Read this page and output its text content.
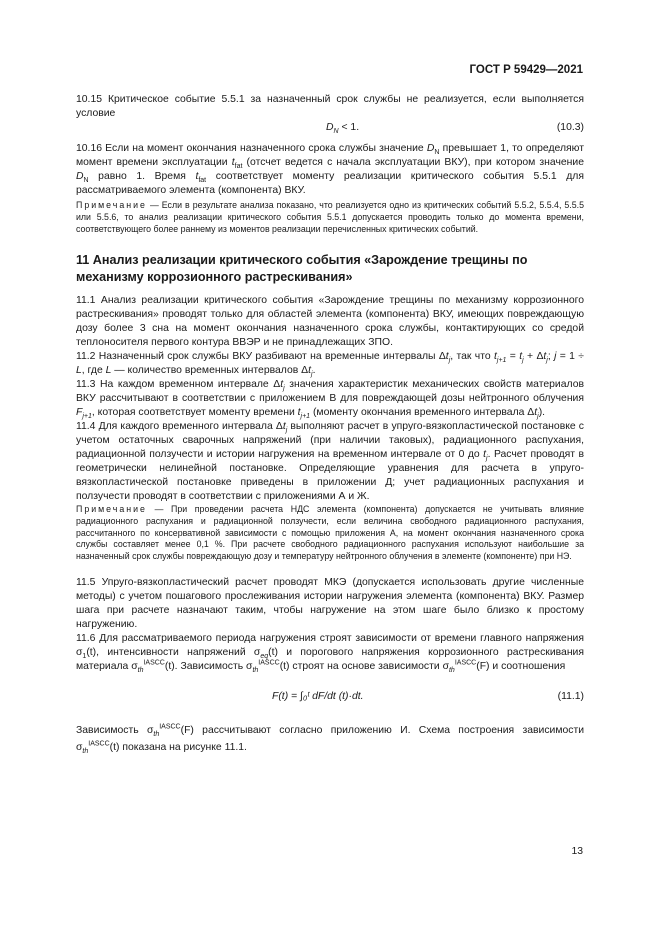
ГОСТ Р 59429—2021

10.15 Критическое событие 5.5.1 за назначенный срок службы не реализуется, если выполняется условие

$D_N < 1$.	(10.3)

10.16 Если на момент окончания назначенного срока службы значение $D_N$ превышает 1, то определяют момент времени эксплуатации $t_{fat}$ (отсчет ведется с начала эксплуатации ВКУ), при котором значение $D_N$ равно 1. Время $t_{fat}$ соответствует моменту реализации критического события 5.5.1 для рассматриваемого элемента (компонента) ВКУ.

Примечание — Если в результате анализа показано, что реализуется одно из критических событий 5.5.2, 5.5.4, 5.5.5 или 5.5.6, то анализ реализации критического события 5.5.1 допускается проводить только до момента времени, соответствующего более раннему из моментов реализации перечисленных критических событий.
11 Анализ реализации критического события «Зарождение трещины по механизму коррозионного растрескивания»
11.1 Анализ реализации критического события «Зарождение трещины по механизму коррозионного растрескивания» проводят только для областей элемента (компонента) ВКУ, имеющих повреждающую дозу более 3 сна на момент окончания назначенного срока службы, контактирующих со средой теплоносителя первого контура ВВЭР и не принадлежащих ЗПО.
11.2 Назначенный срок службы ВКУ разбивают на временные интервалы $\Delta t_j$, так что $t_{j+1} = t_j + \Delta t_j$; j = 1 ÷ L, где L — количество временных интервалов $\Delta t_j$.
11.3 На каждом временном интервале $\Delta t_j$ значения характеристик механических свойств материалов ВКУ рассчитывают в соответствии с приложением В для повреждающей дозы нейтронного облучения $F_{j+1}$, которая соответствует моменту времени $t_{j+1}$ (моменту окончания временного интервала $\Delta t_j$).
11.4 Для каждого временного интервала $\Delta t_j$ выполняют расчет в упруго-вязкопластической постановке с учетом остаточных сварочных напряжений (при наличии таковых), радиационного распухания, радиационной ползучести и истории нагружения на временном интервале от 0 до $t_j$. Расчет проводят в геометрически нелинейной постановке. Определяющие уравнения для расчета в упруго-вязкопластической постановке приведены в приложении Д; учет радиационных распухания и ползучести проводят в соответствии с приложениями А и Ж.
Примечание — При проведении расчета НДС элемента (компонента) допускается не учитывать влияние радиационного распухания и радиационной ползучести, если величина свободного радиационного распухания, рассчитанного по консервативной зависимости с помощью приложения А, на момент окончания назначенного срока службы составляет менее 0,1 %. При расчете свободного радиационного распухания используют наибольшие за назначенный срок службы повреждающую дозу и температуру нейтронного облучения в элементе (компоненте) при НЭ.
11.5 Упруго-вязкопластический расчет проводят МКЭ (допускается использовать другие численные методы) с учетом пошагового прослеживания истории нагружения элемента (компонента) ВКУ. Размер шага при расчете назначают таким, чтобы нагружение на этом шаге было близко к простому нагружению.
11.6 Для рассматриваемого периода нагружения строят зависимости от времени главного напряжения $\sigma_1(t)$, интенсивности напряжений $\sigma_{eq}(t)$ и порогового напряжения коррозионного растрескивания материала $\sigma_{th}^{IASCC}(t)$. Зависимость $\sigma_{th}^{IASCC}(t)$ строят на основе зависимости $\sigma_{th}^{IASCC}(F)$ и соотношения
F(t) = ∫₀ᵗ dF/dt (t)·dt.	(11.1)
Зависимость $\sigma_{th}^{IASCC}(F)$ рассчитывают согласно приложению И. Схема построения зависимости $\sigma_{th}^{IASCC}(t)$ показана на рисунке 11.1.
13
